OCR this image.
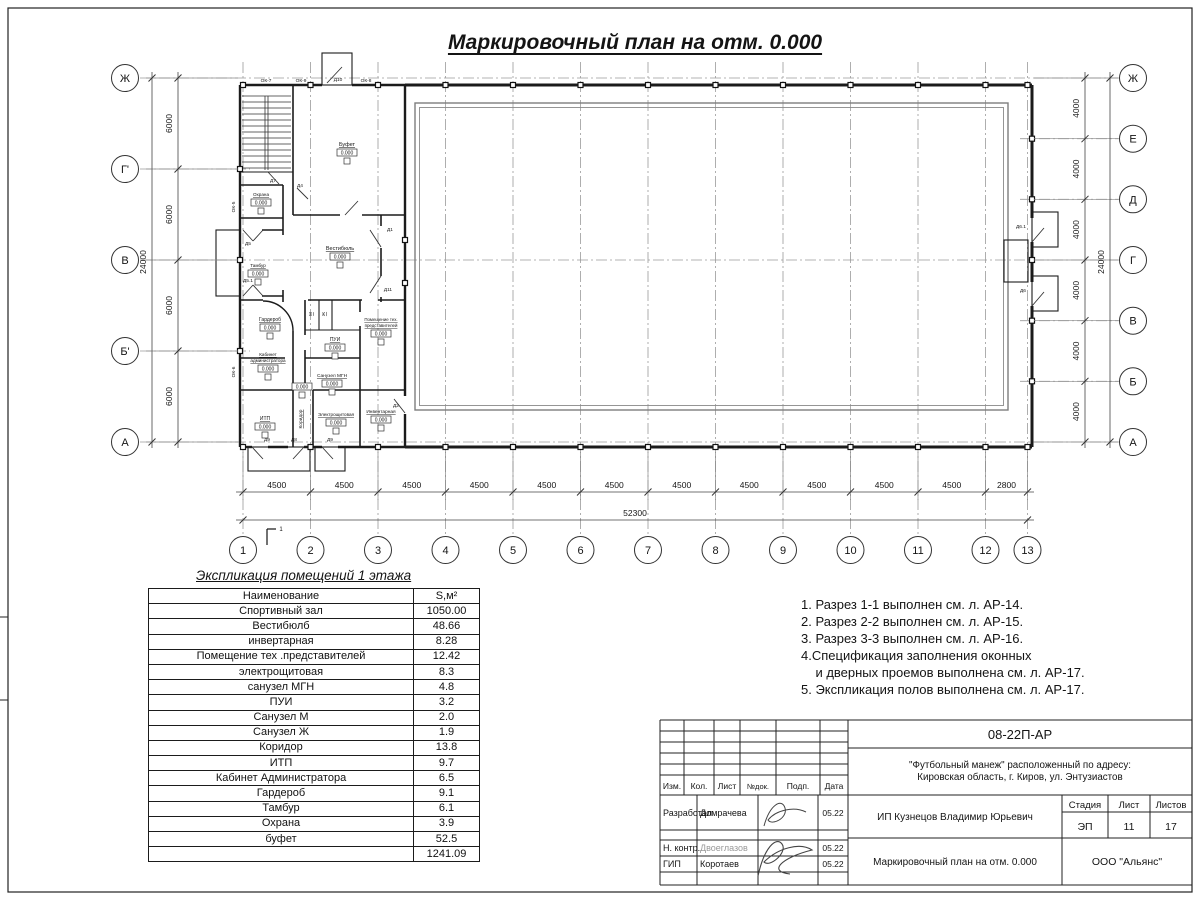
1	2	3	4	5	6	7	8	9	10	11	12	13
Ж
Г'
В
Б'
А
Ж
Е
Д
Г
В
Б
А
4500	4500	4500	4500	4500	4500	4500	4500	4500	4500	4500	2800
52300
6000
6000
6000
6000
24000
4000
4000
4000
4000
4000
4000
24000
Буфет
0.000
Вестибюль
0.000
Охрана
0.000
Тамбур
0.000
Гардероб
0.000
Кабинет
администратора
0.000
ПУИ
0.000
Санузел МГН
0.000
Помещение тех.
представителей
0.000
Коридор
0.000
Электрощитовая
0.000
Инвентарная
0.000
ИТП
0.000
М Ж
ОК-7	ОК-9	Д10	ОК-8
Д7
Д4
Д1
Д11
Д5
Д5.1
ОК-6
ОК-5
Д2
Д9	Д8	Д9
Д6.1
Д6
1
Изм. Кол. Лист №док. Подп. Дата
Разработал
Домрачева	05.22
Н. контр. Двоеглазов	05.22
ГИП Коротаев	05.22
08-22П-АР
"Футбольный манеж" расположенный по адресу:
Кировская область, г. Киров, ул. Энтузиастов
ИП Кузнецов Владимир Юрьевич
Стадия Лист Листов
ЭП	11	17
Маркировочный план на отм. 0.000	ООО "Альянс"
Маркировочный план на отм. 0.000
Экспликация помещений 1 этажа
Наименование	S,м²
Спортивный зал	1050.00
Вестибюлб	48.66
инвертарная	8.28
Помещение тех .представителей	12.42
электрощитовая	8.3
санузел МГН	4.8
ПУИ	3.2
Санузел М	2.0
Санузел Ж	1.9
Коридор	13.8
ИТП	9.7
Кабинет Администратора	6.5
Гардероб	9.1
Тамбур	6.1
Охрана	3.9
буфет	52.5
	1241.09
1. Разрез 1-1 выполнен см. л. АР-14.
2. Разрез 2-2 выполнен см. л. АР-15.
3. Разрез 3-3 выполнен см. л. АР-16.
4.Спецификация заполнения оконных
и дверных проемов выполнена см. л. АР-17.
5. Экспликация полов выполнена см. л. АР-17.
